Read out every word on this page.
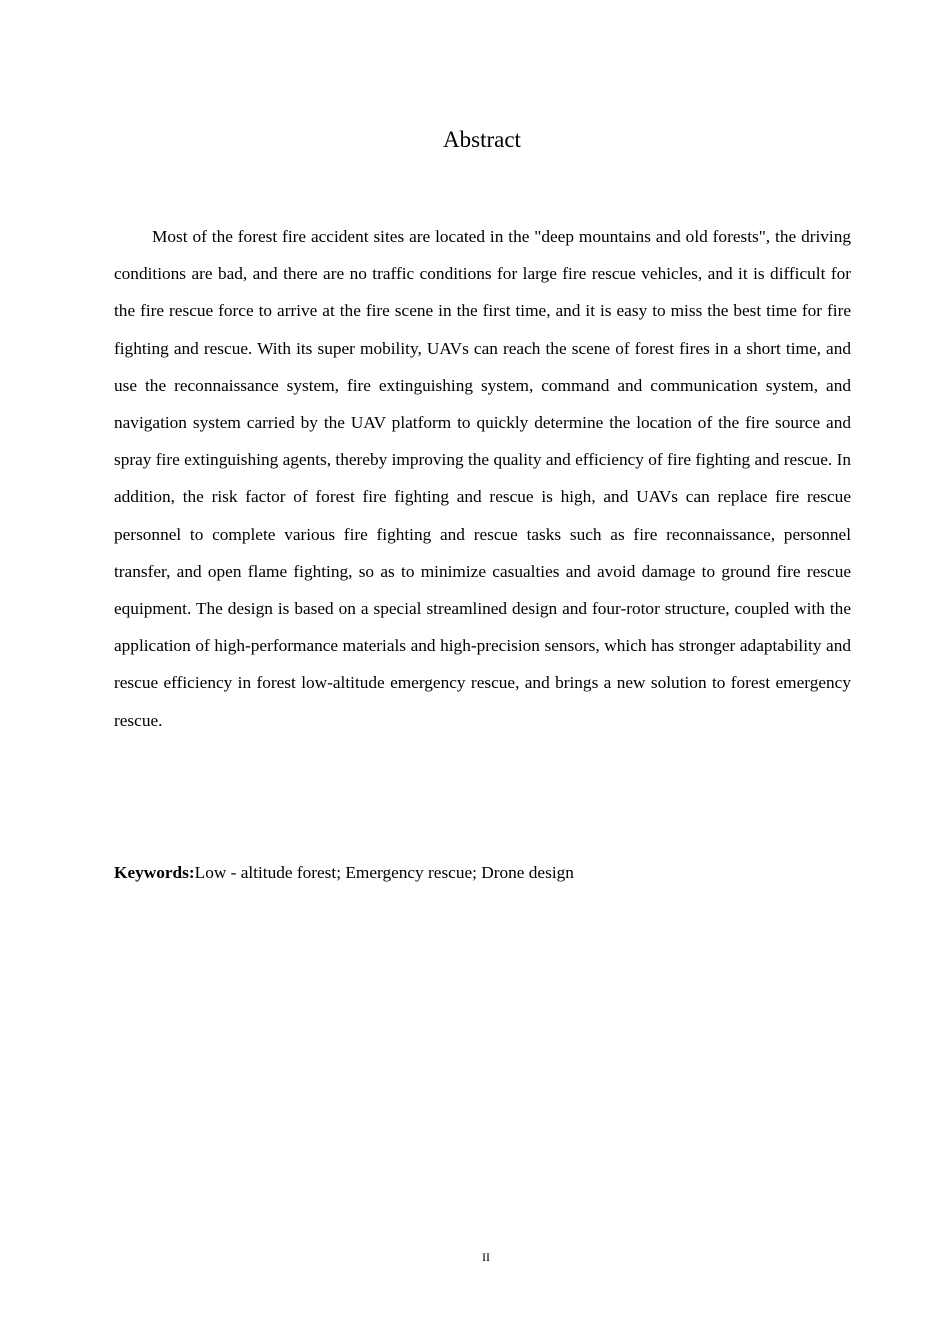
Abstract

Most of the forest fire accident sites are located in the "deep mountains and old forests", the driving conditions are bad, and there are no traffic conditions for large fire rescue vehicles, and it is difficult for the fire rescue force to arrive at the fire scene in the first time, and it is easy to miss the best time for fire fighting and rescue. With its super mobility, UAVs can reach the scene of forest fires in a short time, and use the reconnaissance system, fire extinguishing system, command and communication system, and navigation system carried by the UAV platform to quickly determine the location of the fire source and spray fire extinguishing agents, thereby improving the quality and efficiency of fire fighting and rescue. In addition, the risk factor of forest fire fighting and rescue is high, and UAVs can replace fire rescue personnel to complete various fire fighting and rescue tasks such as fire reconnaissance, personnel transfer, and open flame fighting, so as to minimize casualties and avoid damage to ground fire rescue equipment. The design is based on a special streamlined design and four-rotor structure, coupled with the application of high-performance materials and high-precision sensors, which has stronger adaptability and rescue efficiency in forest low-altitude emergency rescue, and brings a new solution to forest emergency rescue.

Keywords:Low - altitude forest; Emergency rescue; Drone design

II
